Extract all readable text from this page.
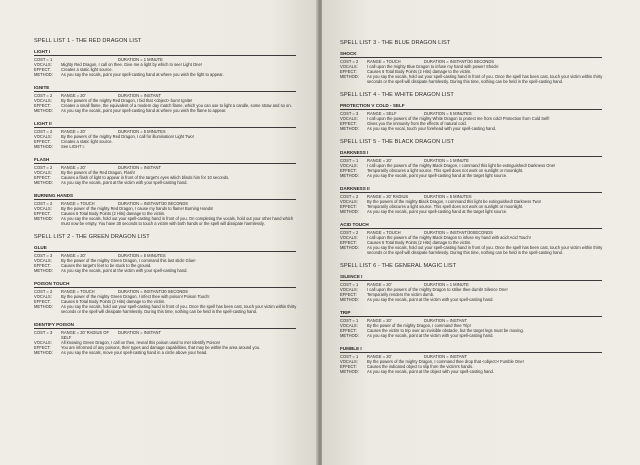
SPELL LIST 1 - THE RED DRAGON LIST
LIGHT I
COST = 1	DURATION = 1 MINUTE
VOCALS:	Mighty Red Dragon, I call on thee. Give me a light by which to see! Light One!
EFFECT:	Creates a static light source.
METHOD:	As you say the vocals, point your spell-casting hand at where you wish the light to appear.
IGNITE
COST = 2	RANGE = 20'	DURATION = INSTANT
VOCALS:	By the powers of the mighty Red Dragon, I bid that <object> burn! Ignite!
EFFECT:	Creates a small flame, the equivalent of a modern day match flame, which you can use to light a candle, some straw and so on.
METHOD:	As you say the vocals, point your spell-casting hand at where you wish the flame to appear.
LIGHT II
COST = 2	RANGE = 20'	DURATION = 5 MINUTES
VOCALS:	By the powers of the mighty Red Dragon, I call for illumination! Light Two!
EFFECT:	Creates a static light source.
METHOD:	See LIGHT I.
FLASH
COST = 2	RANGE = 20'	DURATION = INSTANT
VOCALS:	By the powers of the Red Dragon, Flash!
EFFECT:	Causes a flash of light to appear in front of the target's eyes which blinds him for 10 seconds.
METHOD:	As you say the vocals, point at the victim with your spell-casting hand.
BURNING HANDS
COST = 2	RANGE = TOUCH	DURATION = INSTANT/30 SECONDS
VOCALS:	By the power of the mighty Red Dragon, I cause my hands to flame! Burning Hands!
EFFECT:	Causes 6 Total Body Points (2 Hits) damage to the victim.
METHOD:	As you say the vocals, hold out your spell-casting hand in front of you. On completing the vocals, hold out your other hand which must now be empty. You have 30 seconds to touch a victim with both hands or the spell will dissipate harmlessly.
SPELL LIST 2 - THE GREEN DRAGON LIST
GLUE
COST = 3	RANGE = 20'	DURATION = 5 MINUTES
VOCALS:	By the power of the mighty Green Dragon, I command this last stick! Glue!
EFFECT:	Causes the target's feet to be stuck to the ground.
METHOD:	As you say the vocals, point at the victim with your spell-casting hand.
POISON TOUCH
COST = 2	RANGE = TOUCH	DURATION = INSTANT/30 SECONDS
VOCALS:	By the power of the mighty Green Dragon, I infect thee with poison! Poison Touch!
EFFECT:	Causes 6 Total Body Points (2 Hits) damage to the victim.
METHOD:	As you say the vocals, hold out your spell-casting hand in front of you. Once the spell has been cast, touch your victim within thirty seconds or the spell will dissipate harmlessly. During this time, nothing can be held in the spell-casting hand.
IDENTIFY POISON
COST = 3	RANGE = 20' RADIUS OF SELF
DURATION = INSTANT
VOCALS:	All knowing Green Dragon, I call on thee, reveal this poison used to me! Identify Poison!
EFFECT:	You are informed of any poisons, their types and damage capabilities, that may be within the area around you.
METHOD:	As you say the vocals, move your spell-casting hand in a circle above your head.
SPELL LIST 3 - THE BLUE DRAGON LIST
SHOCK
COST = 2	RANGE = TOUCH	DURATION = INSTANT/30 SECONDS
VOCALS:	I call upon the mighty Blue Dragon to infuse my hand with power! Shock!
EFFECT:	Causes 6 Total Body Points (2 Hits) damage to the victim.
METHOD:	As you say the vocals, hold out your spell-casting hand in front of you. Once the spell has been cast, touch your victim within thirty seconds or the spell will dissipate harmlessly. During this time, nothing can be held in the spell-casting hand.
SPELL LIST 4 - THE WHITE DRAGON LIST
PROTECTION V COLD - SELF
COST = 3	RANGE = SELF	DURATION = 5 MINUTES
VOCALS:	I call upon the powers of the mighty White Dragon to protect me from cold! Protection from Cold Self!
EFFECT:	Gives you the immunity from the effects of natural cold.
METHOD:	As you say the vocal, touch your forehead with your spell-casting hand.
SPELL LIST 5 - THE BLACK DRAGON LIST
DARKNESS I
COST = 1	RANGE = 20'	DURATION = 1 MINUTE
VOCALS:	I call upon the powers of the mighty Black Dragon, I command this light be extinguished! Darkness One!
EFFECT:	Temporarily obscures a light source. This spell does not work on sunlight or moonlight.
METHOD:	As you say the vocals, point your spell-casting hand at the target light source.
DARKNESS II
COST = 2	RANGE = 20' RADIUS	DURATION = 5 MINUTES
VOCALS:	By the powers of the mighty Black Dragon, I command this light be extinguished! Darkness Two!
EFFECT:	Temporarily obscures a light source. This spell does not work on sunlight or moonlight.
METHOD:	As you say the vocals, point your spell-casting hand at the target light source.
ACID TOUCH
COST = 2	RANGE = TOUCH	DURATION = INSTANT/30SECONDS
VOCALS:	I call upon the powers of the mighty Black Dragon to infuse my hand with acid! Acid Touch!
EFFECT:	Causes 6 Total Body Points (2 Hits) damage to the victim.
METHOD:	As you say the vocals, hold out your spell-casting hand in front of you. Once the spell has been cast, touch your victim within thirty seconds or the spell will dissipate harmlessly. During this time, nothing can be held in the spell-casting hand.
SPELL LIST 6 - THE GENERAL MAGIC LIST
SILENCE I
COST = 1	RANGE = 20'	DURATION = 1 MINUTE
VOCALS:	I call upon the powers of the mighty Dragon to strike thee dumb! Silence One!
EFFECT:	Temporarily renders the victim dumb.
METHOD:	As you say the vocals, point at the victim with your spell-casting hand.
TRIP
COST = 1	RANGE = 20'	DURATION = INSTANT
VOCALS:	By the power of the mighty Dragon, I command thee Trip!
EFFECT:	Causes the victim to trip over an invisible obstacle, but the target legs must be moving.
METHOD:	As you say the vocals, point at the victim with your spell-casting hand.
FUMBLE I
COST = 1	RANGE = 20'	DURATION = INSTANT
VOCALS:	By the powers of the mighty Dragon, I command thee drop that <object>! Fumble One!
EFFECT:	Causes the indicated object to slip from the victim's hands.
METHOD:	As you say the vocals, point at the object with your spell-casting hand.
